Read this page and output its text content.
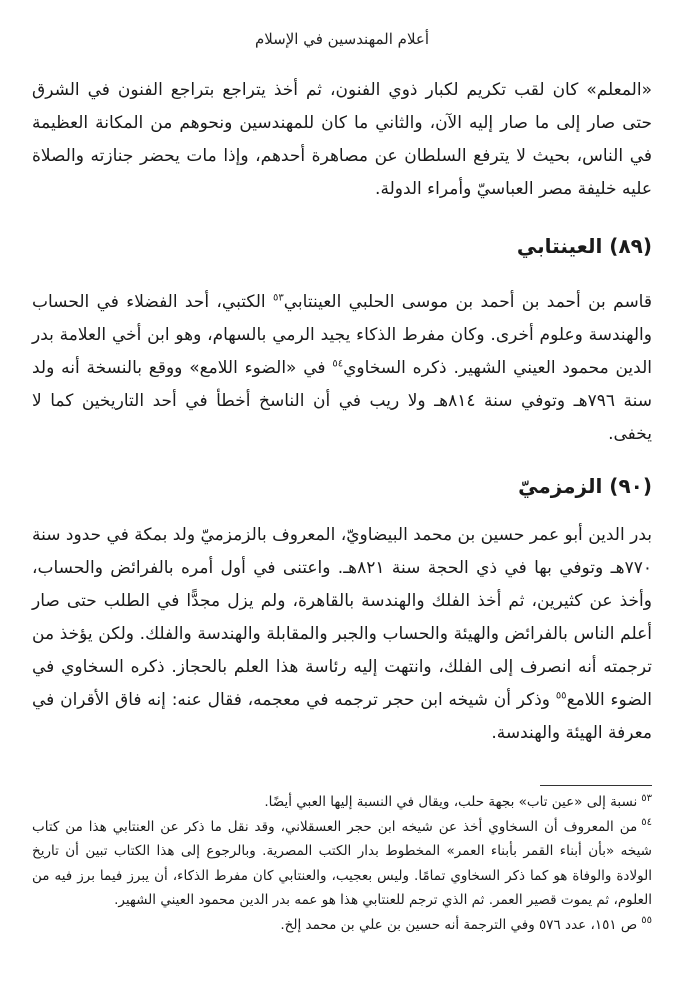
أعلام المهندسين في الإسلام

«المعلم» كان لقب تكريم لكبار ذوي الفنون، ثم أخذ يتراجع بتراجع الفنون في الشرق حتى صار إلى ما صار إليه الآن، والثاني ما كان للمهندسين ونحوهم من المكانة العظيمة في الناس، بحيث لا يترفع السلطان عن مصاهرة أحدهم، وإذا مات يحضر جنازته والصلاة عليه خليفة مصر العباسيّ وأمراء الدولة.

(٨٩) العينتابي

قاسم بن أحمد بن أحمد بن موسى الحلبي العينتابي$^{٥٣}$ الكتبي، أحد الفضلاء في الحساب والهندسة وعلوم أخرى. وكان مفرط الذكاء يجيد الرمي بالسهام، وهو ابن أخي العلامة بدر الدين محمود العيني الشهير. ذكره السخاوي$^{٥٤}$ في «الضوء اللامع» ووقع بالنسخة أنه ولد سنة ٧٩٦هـ وتوفي سنة ٨١٤هـ ولا ريب في أن الناسخ أخطأ في أحد التاريخين كما لا يخفى.

(٩٠) الزمزميّ

بدر الدين أبو عمر حسين بن محمد البيضاويّ، المعروف بالزمزميّ ولد بمكة في حدود سنة ٧٧٠هـ وتوفي بها في ذي الحجة سنة ٨٢١هـ. واعتنى في أول أمره بالفرائض والحساب، وأخذ عن كثيرين، ثم أخذ الفلك والهندسة بالقاهرة، ولم يزل مجدًّا في الطلب حتى صار أعلم الناس بالفرائض والهيئة والحساب والجبر والمقابلة والهندسة والفلك. ولكن يؤخذ من ترجمته أنه انصرف إلى الفلك، وانتهت إليه رئاسة هذا العلم بالحجاز. ذكره السخاوي في الضوء اللامع$^{٥٥}$ وذكر أن شيخه ابن حجر ترجمه في معجمه، فقال عنه: إنه فاق الأقران في معرفة الهيئة والهندسة.

$^{٥٣}$نسبة إلى «عين تاب» بجهة حلب، ويقال في النسبة إليها العبي أيضًا.

$^{٥٤}$من المعروف أن السخاوي أخذ عن شيخه ابن حجر العسقلاني، وقد نقل ما ذكر عن العنتابي هذا من كتاب شيخه «بأن أبناء القمر بأبناء العمر» المخطوط بدار الكتب المصرية. وبالرجوع إلى هذا الكتاب تبين أن تاريخ الولادة والوفاة هو كما ذكر السخاوي تمامًا. وليس بعجيب، والعنتابي كان مفرط الذكاء، أن يبرز فيما برز فيه من العلوم، ثم يموت قصير العمر. ثم الذي ترجم للعنتابي هذا هو عمه بدر الدين محمود العيني الشهير.

$^{٥٥}$ص ١٥١، عدد ٥٧٦ وفي الترجمة أنه حسين بن علي بن محمد إلخ.
